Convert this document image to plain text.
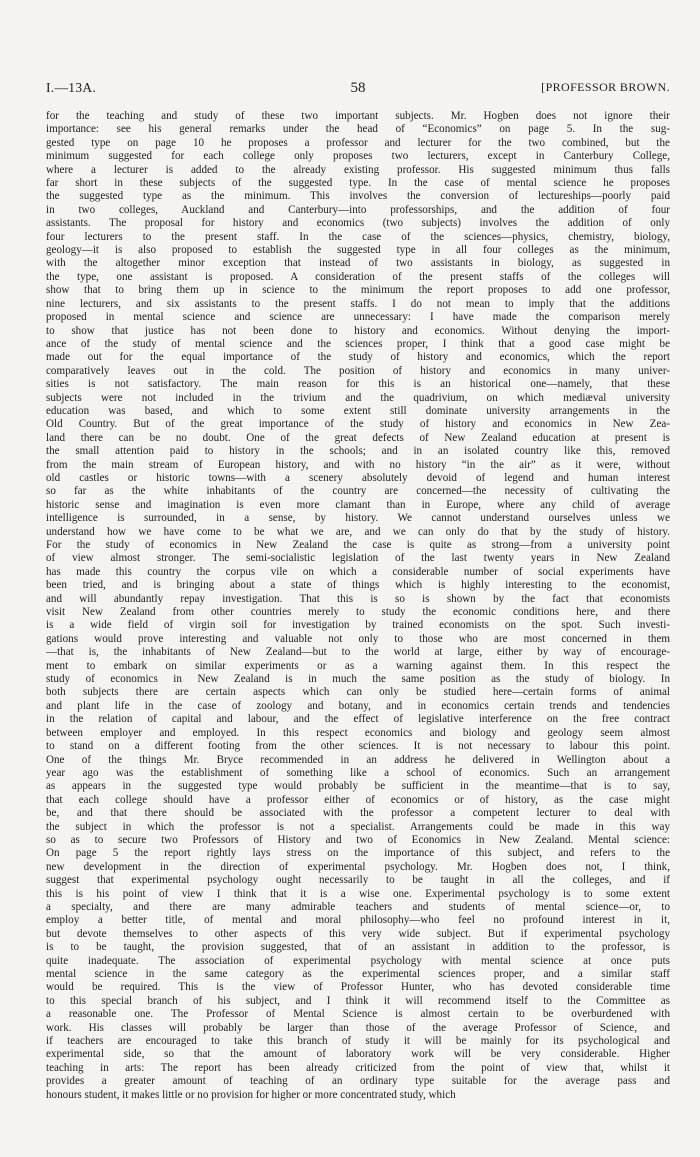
I.—13A.	58	[PROFESSOR BROWN.
for the teaching and study of these two important subjects. Mr. Hogben does not ignore their
importance: see his general remarks under the head of “Economics” on page 5. In the sug-
gested type on page 10 he proposes a professor and lecturer for the two combined, but the
minimum suggested for each college only proposes two lecturers, except in Canterbury College,
where a lecturer is added to the already existing professor. His suggested minimum thus falls
far short in these subjects of the suggested type. In the case of mental science he proposes
the suggested type as the minimum. This involves the conversion of lectureships—poorly paid
in two colleges, Auckland and Canterbury—into professorships, and the addition of four
assistants. The proposal for history and economics (two subjects) involves the addition of only
four lecturers to the present staff. In the case of the sciences—physics, chemistry, biology,
geology—it is also proposed to establish the suggested type in all four colleges as the minimum,
with the altogether minor exception that instead of two assistants in biology, as suggested in
the type, one assistant is proposed. A consideration of the present staffs of the colleges will
show that to bring them up in science to the minimum the report proposes to add one professor,
nine lecturers, and six assistants to the present staffs. I do not mean to imply that the additions
proposed in mental science and science are unnecessary: I have made the comparison merely
to show that justice has not been done to history and economics. Without denying the import-
ance of the study of mental science and the sciences proper, I think that a good case might be
made out for the equal importance of the study of history and economics, which the report
comparatively leaves out in the cold. The position of history and economics in many univer-
sities is not satisfactory. The main reason for this is an historical one—namely, that these
subjects were not included in the trivium and the quadrivium, on which mediæval university
education was based, and which to some extent still dominate university arrangements in the
Old Country. But of the great importance of the study of history and economics in New Zea-
land there can be no doubt. One of the great defects of New Zealand education at present is
the small attention paid to history in the schools; and in an isolated country like this, removed
from the main stream of European history, and with no history “in the air” as it were, without
old castles or historic towns—with a scenery absolutely devoid of legend and human interest
so far as the white inhabitants of the country are concerned—the necessity of cultivating the
historic sense and imagination is even more clamant than in Europe, where any child of average
intelligence is surrounded, in a sense, by history. We cannot understand ourselves unless we
understand how we have come to be what we are, and we can only do that by the study of history.
For the study of economics in New Zealand the case is quite as strong—from a university point
of view almost stronger. The semi-socialistic legislation of the last twenty years in New Zealand
has made this country the corpus vile on which a considerable number of social experiments have
been tried, and is bringing about a state of things which is highly interesting to the economist,
and will abundantly repay investigation. That this is so is shown by the fact that economists
visit New Zealand from other countries merely to study the economic conditions here, and there
is a wide field of virgin soil for investigation by trained economists on the spot. Such investi-
gations would prove interesting and valuable not only to those who are most concerned in them
—that is, the inhabitants of New Zealand—but to the world at large, either by way of encourage-
ment to embark on similar experiments or as a warning against them. In this respect the
study of economics in New Zealand is in much the same position as the study of biology. In
both subjects there are certain aspects which can only be studied here—certain forms of animal
and plant life in the case of zoology and botany, and in economics certain trends and tendencies
in the relation of capital and labour, and the effect of legislative interference on the free contract
between employer and employed. In this respect economics and biology and geology seem almost
to stand on a different footing from the other sciences. It is not necessary to labour this point.
One of the things Mr. Bryce recommended in an address he delivered in Wellington about a
year ago was the establishment of something like a school of economics. Such an arrangement
as appears in the suggested type would probably be sufficient in the meantime—that is to say,
that each college should have a professor either of economics or of history, as the case might
be, and that there should be associated with the professor a competent lecturer to deal with
the subject in which the professor is not a specialist. Arrangements could be made in this way
so as to secure two Professors of History and two of Economics in New Zealand. Mental science:
On page 5 the report rightly lays stress on the importance of this subject, and refers to the
new development in the direction of experimental psychology. Mr. Hogben does not, I think,
suggest that experimental psychology ought necessarily to be taught in all the colleges, and if
this is his point of view I think that it is a wise one. Experimental psychology is to some extent
a specialty, and there are many admirable teachers and students of mental science—or, to
employ a better title, of mental and moral philosophy—who feel no profound interest in it,
but devote themselves to other aspects of this very wide subject. But if experimental psychology
is to be taught, the provision suggested, that of an assistant in addition to the professor, is
quite inadequate. The association of experimental psychology with mental science at once puts
mental science in the same category as the experimental sciences proper, and a similar staff
would be required. This is the view of Professor Hunter, who has devoted considerable time
to this special branch of his subject, and I think it will recommend itself to the Committee as
a reasonable one. The Professor of Mental Science is almost certain to be overburdened with
work. His classes will probably be larger than those of the average Professor of Science, and
if teachers are encouraged to take this branch of study it will be mainly for its psychological and
experimental side, so that the amount of laboratory work will be very considerable. Higher
teaching in arts: The report has been already criticized from the point of view that, whilst it
provides a greater amount of teaching of an ordinary type suitable for the average pass and
honours student, it makes little or no provision for higher or more concentrated study, which
